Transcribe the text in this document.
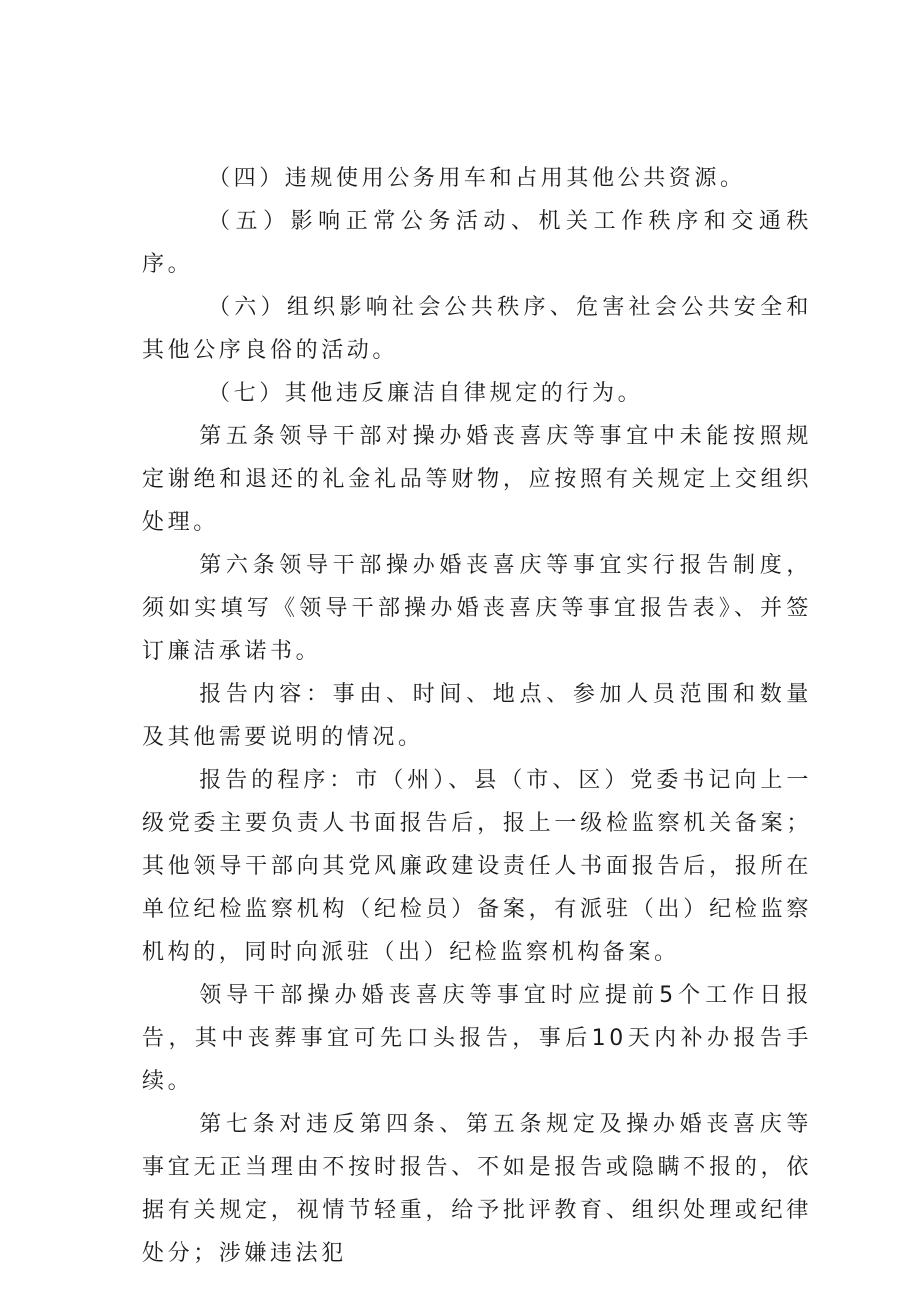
（四）违规使用公务用车和占用其他公共资源。

（五）影响正常公务活动、机关工作秩序和交通秩序。

（六）组织影响社会公共秩序、危害社会公共安全和其他公序良俗的活动。

（七）其他违反廉洁自律规定的行为。

第五条领导干部对操办婚丧喜庆等事宜中未能按照规定谢绝和退还的礼金礼品等财物，应按照有关规定上交组织处理。

第六条领导干部操办婚丧喜庆等事宜实行报告制度，须如实填写《领导干部操办婚丧喜庆等事宜报告表》、并签订廉洁承诺书。

报告内容：事由、时间、地点、参加人员范围和数量及其他需要说明的情况。

报告的程序：市（州）、县（市、区）党委书记向上一级党委主要负责人书面报告后，报上一级检监察机关备案；其他领导干部向其党风廉政建设责任人书面报告后，报所在单位纪检监察机构（纪检员）备案，有派驻（出）纪检监察机构的，同时向派驻（出）纪检监察机构备案。

领导干部操办婚丧喜庆等事宜时应提前5个工作日报告，其中丧葬事宜可先口头报告，事后10天内补办报告手续。

第七条对违反第四条、第五条规定及操办婚丧喜庆等事宜无正当理由不按时报告、不如是报告或隐瞒不报的，依据有关规定，视情节轻重，给予批评教育、组织处理或纪律处分；涉嫌违法犯
